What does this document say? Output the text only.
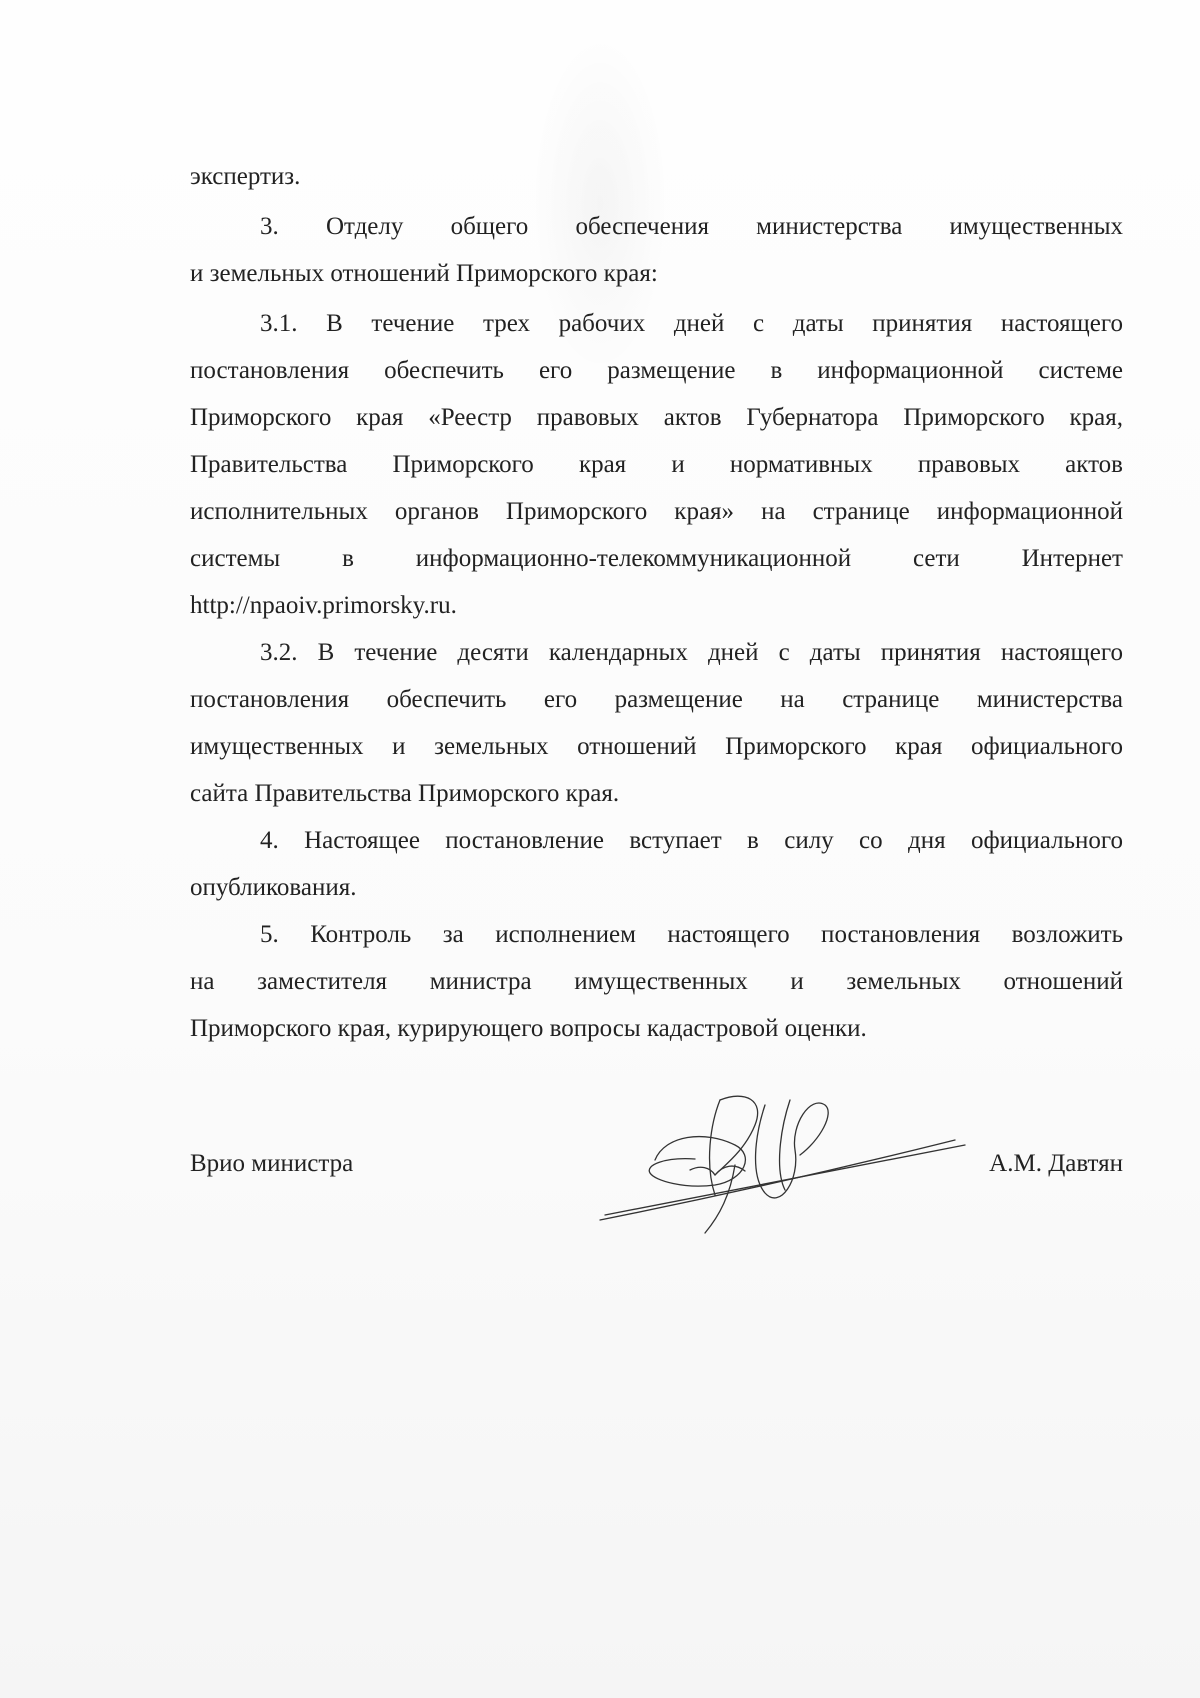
экспертиз.
3. Отделу общего обеспечения министерства имущественных
и земельных отношений Приморского края:
3.1. В течение трех рабочих дней с даты принятия настоящего
постановления обеспечить его размещение в информационной системе
Приморского края «Реестр правовых актов Губернатора Приморского края,
Правительства Приморского края и нормативных правовых актов
исполнительных органов Приморского края» на странице информационной
системы в информационно-телекоммуникационной сети Интернет
http://npaoiv.primorsky.ru.
3.2. В течение десяти календарных дней с даты принятия настоящего
постановления обеспечить его размещение на странице министерства
имущественных и земельных отношений Приморского края официального
сайта Правительства Приморского края.
4. Настоящее постановление вступает в силу со дня официального
опубликования.
5. Контроль за исполнением настоящего постановления возложить
на заместителя министра имущественных и земельных отношений
Приморского края, курирующего вопросы кадастровой оценки.
Врио министра	А.М. Давтян
